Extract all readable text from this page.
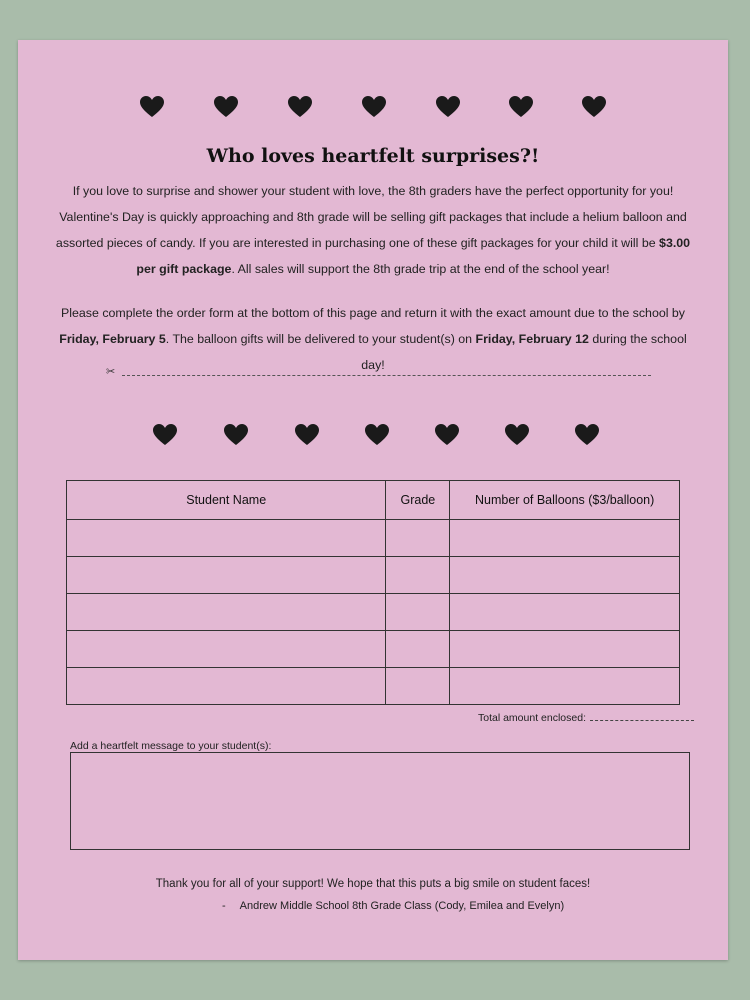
Who loves heartfelt surprises?!
If you love to surprise and shower your student with love, the 8th graders have the perfect opportunity for you! Valentine's Day is quickly approaching and 8th grade will be selling gift packages that include a helium balloon and assorted pieces of candy. If you are interested in purchasing one of these gift packages for your child it will be $3.00 per gift package. All sales will support the 8th grade trip at the end of the school year!
Please complete the order form at the bottom of this page and return it with the exact amount due to the school by Friday, February 5. The balloon gifts will be delivered to your student(s) on Friday, February 12 during the school day!
✂
Student Name	Grade	Number of Balloons ($3/balloon)

Total amount enclosed:
Add a heartfelt message to your student(s):
Thank you for all of your support! We hope that this puts a big smile on student faces!
- Andrew Middle School 8th Grade Class (Cody, Emilea and Evelyn)
